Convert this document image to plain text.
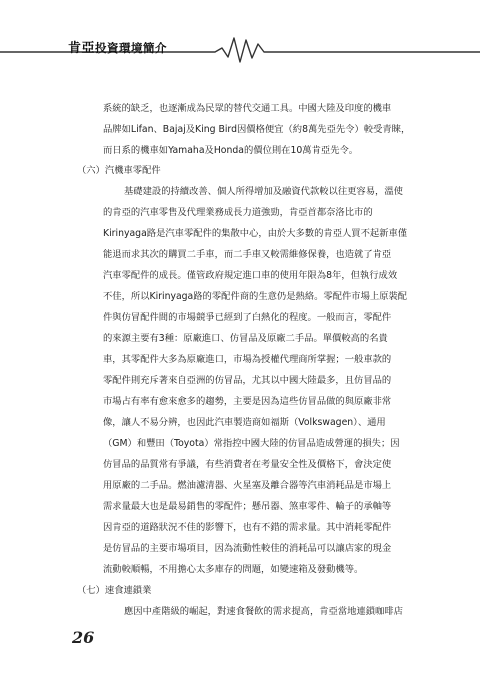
肯亞投資環境簡介
系統的缺乏，也逐漸成為民眾的替代交通工具。中國大陸及印度的機車
品牌如Lifan、Bajaj及King Bird因價格便宜（約8萬先亞先令）較受青睞，
而日系的機車如Yamaha及Honda的價位則在10萬肯亞先令。
（六）汽機車零配件
基礎建設的持續改善、個人所得增加及融資代款較以往更容易，溫使
的肯亞的汽車零售及代理業務成長力道強勁，肯亞首都奈洛比市的
Kirinyaga路是汽車零配件的集散中心，由於大多數的肯亞人買不起新車僅
能退而求其次的購買二手車，而二手車又較需維修保養，也造就了肯亞
汽車零配件的成長。僅管政府規定進口車的使用年限為8年，但執行成效
不佳，所以Kirinyaga路的零配件商的生意仍是熱絡。零配件市場上原裝配
件與仿冒配件間的市場競爭已經到了白熱化的程度。一般而言，零配件
的來源主要有3種：原廠進口、仿冒品及原廠二手品。單價較高的名貴
車，其零配件大多為原廠進口，市場為授權代理商所掌握；一般車款的
零配件則充斥著來自亞洲的仿冒品，尤其以中國大陸最多，且仿冒品的
市場占有率有愈來愈多的趨勢，主要是因為這些仿冒品做的與原廠非常
像，讓人不易分辨，也因此汽車製造商如福斯（Volkswagen）、通用
（GM）和豐田（Toyota）常指控中國大陸的仿冒品造成營運的損失；因
仿冒品的品質常有爭議，有些消費者在考量安全性及價格下，會決定使
用原廠的二手品。燃油濾清器、火星塞及離合器等汽車消耗品是市場上
需求量最大也是最易銷售的零配件；懸吊器、煞車零件、輪子的承軸等
因肯亞的道路狀況不佳的影響下，也有不錯的需求量。其中消耗零配件
是仿冒品的主要市場項目，因為流動性較佳的消耗品可以讓店家的現金
流動較順暢，不用擔心太多庫存的問題，如變速箱及發動機等。
（七）速食連鎖業
應因中產階級的崛起，對速食餐飲的需求提高，肯亞當地連鎖咖啡店
26
